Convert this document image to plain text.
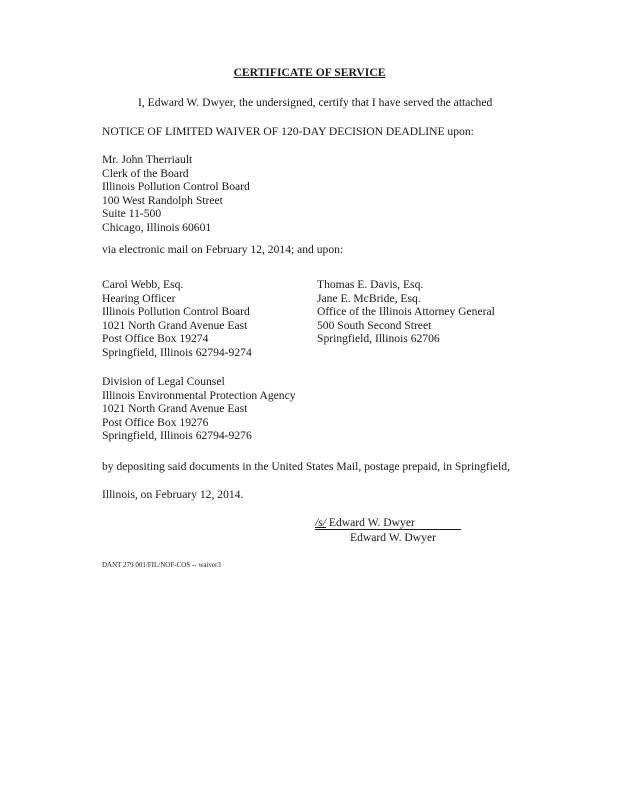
CERTIFICATE OF SERVICE
I, Edward W. Dwyer, the undersigned, certify that I have served the attached
NOTICE OF LIMITED WAIVER OF 120-DAY DECISION DEADLINE upon:
Mr. John Therriault
Clerk of the Board
Illinois Pollution Control Board
100 West Randolph Street
Suite 11-500
Chicago, Illinois 60601
via electronic mail on February 12, 2014; and upon:
Carol Webb, Esq.
Hearing Officer
Illinois Pollution Control Board
1021 North Grand Avenue East
Post Office Box 19274
Springfield, Illinois 62794-9274
Thomas E. Davis, Esq.
Jane E. McBride, Esq.
Office of the Illinois Attorney General
500 South Second Street
Springfield, Illinois 62706
Division of Legal Counsel
Illinois Environmental Protection Agency
1021 North Grand Avenue East
Post Office Box 19276
Springfield, Illinois 62794-9276
by depositing said documents in the United States Mail, postage prepaid, in Springfield,
Illinois, on February 12, 2014.
/s/ Edward W. Dwyer
Edward W. Dwyer
DANT 279 001/FIL/NOF-COS -- waiver3
